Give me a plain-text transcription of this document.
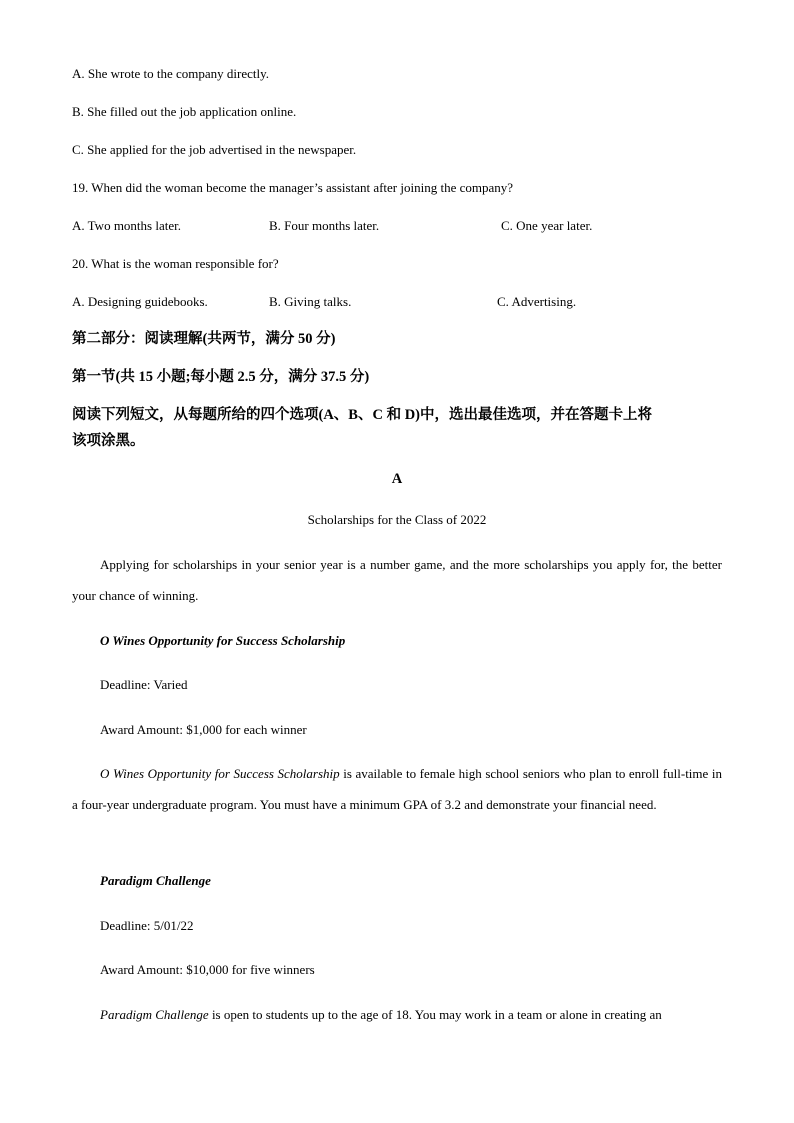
A. She wrote to the company directly.
B. She filled out the job application online.
C. She applied for the job advertised in the newspaper.
19. When did the woman become the manager’s assistant after joining the company?
A. Two months later.	B. Four months later.	C. One year later.
20. What is the woman responsible for?
A. Designing guidebooks.	B. Giving talks.	C. Advertising.
第二部分：阅读理解(共两节，满分 50 分)
第一节(共 15 小题;每小题 2.5 分，满分 37.5 分)
阅读下列短文，从每题所给的四个选项(A、B、C 和 D)中，选出最佳选项，并在答题卡上将
该项涂黑。
A
Scholarships for the Class of 2022

Applying for scholarships in your senior year is a number game, and the more scholarships you apply for, the better your chance of winning.

O Wines Opportunity for Success Scholarship
Deadline: Varied
Award Amount: $1,000 for each winner

O Wines Opportunity for Success Scholarship is available to female high school seniors who plan to enroll full-time in a four-year undergraduate program. You must have a minimum GPA of 3.2 and demonstrate your financial need.

Paradigm Challenge
Deadline: 5/01/22
Award Amount: $10,000 for five winners

Paradigm Challenge is open to students up to the age of 18. You may work in a team or alone in creating an
